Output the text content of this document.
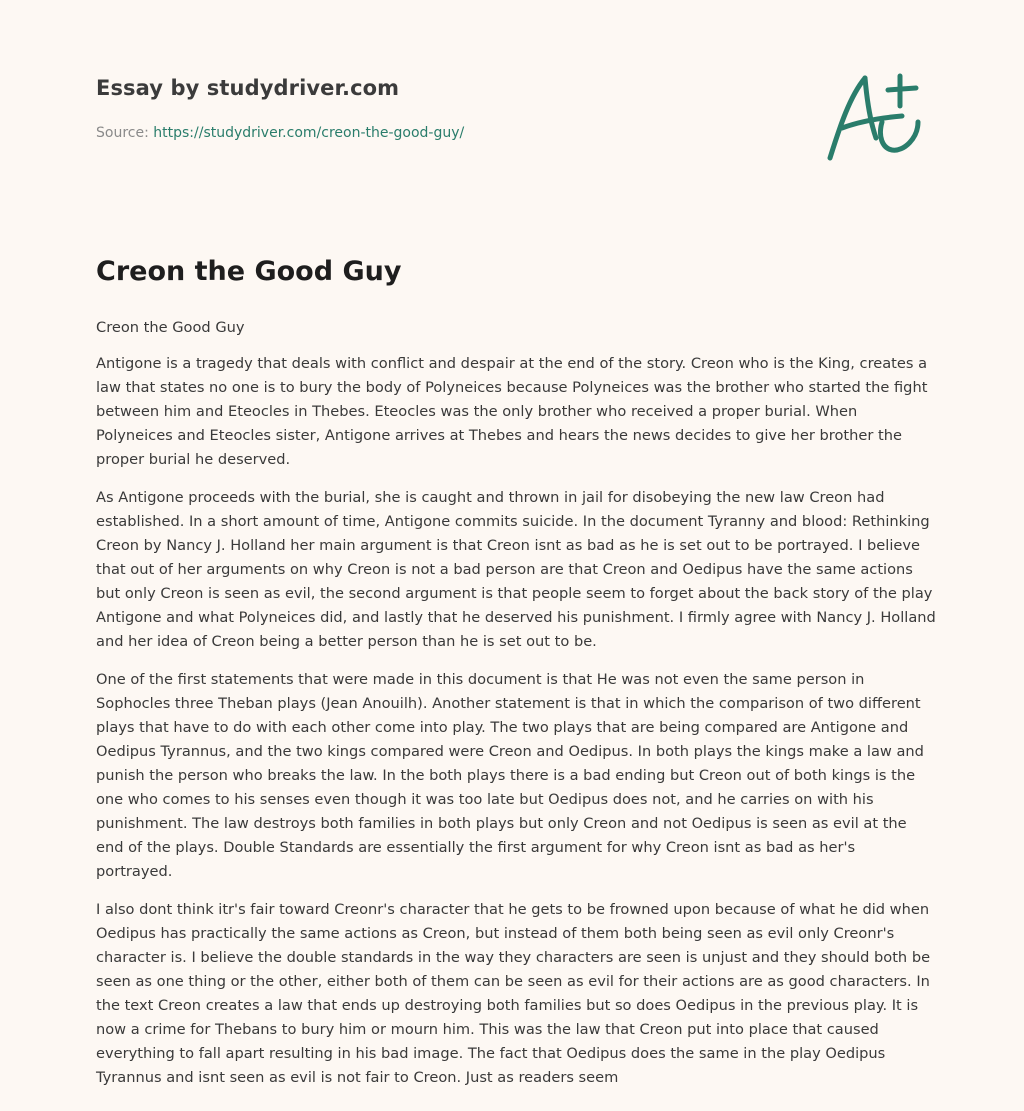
Essay by studydriver.com
Source: https://studydriver.com/creon-the-good-guy/
Creon the Good Guy

Creon the Good Guy

Antigone is a tragedy that deals with conflict and despair at the end of the story. Creon who is the King, creates a law that states no one is to bury the body of Polyneices because Polyneices was the brother who started the fight between him and Eteocles in Thebes. Eteocles was the only brother who received a proper burial. When Polyneices and Eteocles sister, Antigone arrives at Thebes and hears the news decides to give her brother the proper burial he deserved.

As Antigone proceeds with the burial, she is caught and thrown in jail for disobeying the new law Creon had established. In a short amount of time, Antigone commits suicide. In the document Tyranny and blood: Rethinking Creon by Nancy J. Holland her main argument is that Creon isnt as bad as he is set out to be portrayed. I believe that out of her arguments on why Creon is not a bad person are that Creon and Oedipus have the same actions but only Creon is seen as evil, the second argument is that people seem to forget about the back story of the play Antigone and what Polyneices did, and lastly that he deserved his punishment. I firmly agree with Nancy J. Holland and her idea of Creon being a better person than he is set out to be.

One of the first statements that were made in this document is that He was not even the same person in Sophocles three Theban plays (Jean Anouilh). Another statement is that in which the comparison of two different plays that have to do with each other come into play. The two plays that are being compared are Antigone and Oedipus Tyrannus, and the two kings compared were Creon and Oedipus. In both plays the kings make a law and punish the person who breaks the law. In the both plays there is a bad ending but Creon out of both kings is the one who comes to his senses even though it was too late but Oedipus does not, and he carries on with his punishment. The law destroys both families in both plays but only Creon and not Oedipus is seen as evil at the end of the plays. Double Standards are essentially the first argument for why Creon isnt as bad as her's portrayed.

I also dont think itr's fair toward Creonr's character that he gets to be frowned upon because of what he did when Oedipus has practically the same actions as Creon, but instead of them both being seen as evil only Creonr's character is. I believe the double standards in the way they characters are seen is unjust and they should both be seen as one thing or the other, either both of them can be seen as evil for their actions are as good characters. In the text Creon creates a law that ends up destroying both families but so does Oedipus in the previous play. It is now a crime for Thebans to bury him or mourn him. This was the law that Creon put into place that caused everything to fall apart resulting in his bad image. The fact that Oedipus does the same in the play Oedipus Tyrannus and isnt seen as evil is not fair to Creon. Just as readers seem
